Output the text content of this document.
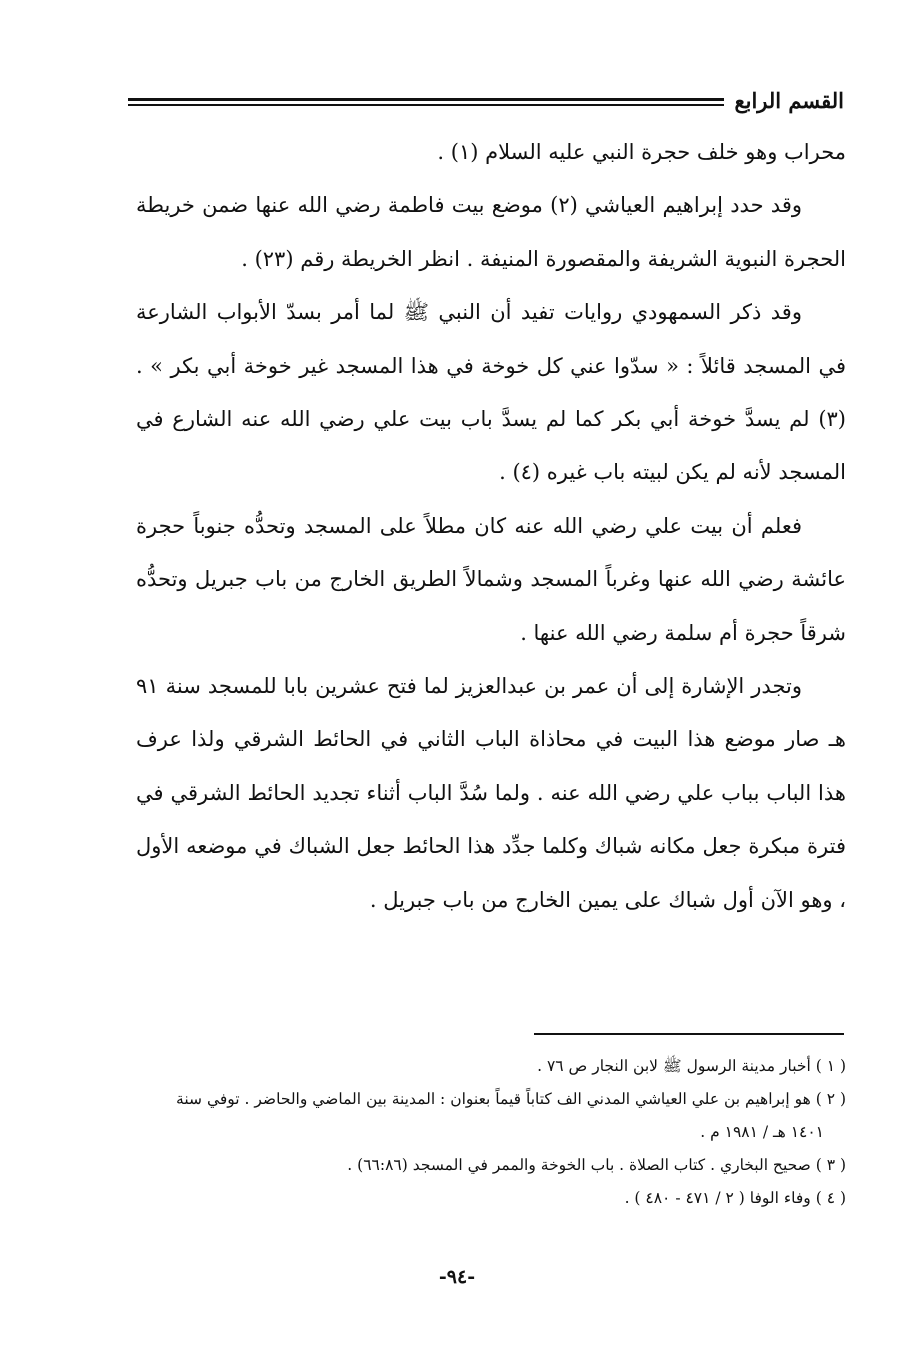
القسم الرابع

محراب وهو خلف حجرة النبي عليه السلام (١) .

وقد حدد إبراهيم العياشي (٢) موضع بيت فاطمة رضي الله عنها ضمن خريطة الحجرة النبوية الشريفة والمقصورة المنيفة . انظر الخريطة رقم (٢٣) .

وقد ذكر السمهودي روايات تفيد أن النبي ﷺ لما أمر بسدّ الأبواب الشارعة في المسجد قائلاً : « سدّوا عني كل خوخة في هذا المسجد غير خوخة أبي بكر » . (٣) لم يسدَّ خوخة أبي بكر كما لم يسدَّ باب بيت علي رضي الله عنه الشارع في المسجد لأنه لم يكن لبيته باب غيره (٤) .

فعلم أن بيت علي رضي الله عنه كان مطلاً على المسجد وتحدُّه جنوباً حجرة عائشة رضي الله عنها وغرباً المسجد وشمالاً الطريق الخارج من باب جبريل وتحدُّه شرقاً حجرة أم سلمة رضي الله عنها .

وتجدر الإشارة إلى أن عمر بن عبدالعزيز لما فتح عشرين بابا للمسجد سنة ٩١ هـ صار موضع هذا البيت في محاذاة الباب الثاني في الحائط الشرقي ولذا عرف هذا الباب بباب علي رضي الله عنه . ولما سُدَّ الباب أثناء تجديد الحائط الشرقي في فترة مبكرة جعل مكانه شباك وكلما جدِّد هذا الحائط جعل الشباك في موضعه الأول ، وهو الآن أول شباك على يمين الخارج من باب جبريل .

( ١ ) أخبار مدينة الرسول ﷺ لابن النجار ص ٧٦ .

( ٢ ) هو إبراهيم بن علي العياشي المدني الف كتاباً قيماً بعنوان : المدينة بين الماضي والحاضر . توفي سنة

١٤٠١ هـ / ١٩٨١ م .

( ٣ ) صحيح البخاري . كتاب الصلاة . باب الخوخة والممر في المسجد (٦٦:٨٦) .

( ٤ ) وفاء الوفا ( ٢ / ٤٧١ - ٤٨٠ ) .

-٩٤-
